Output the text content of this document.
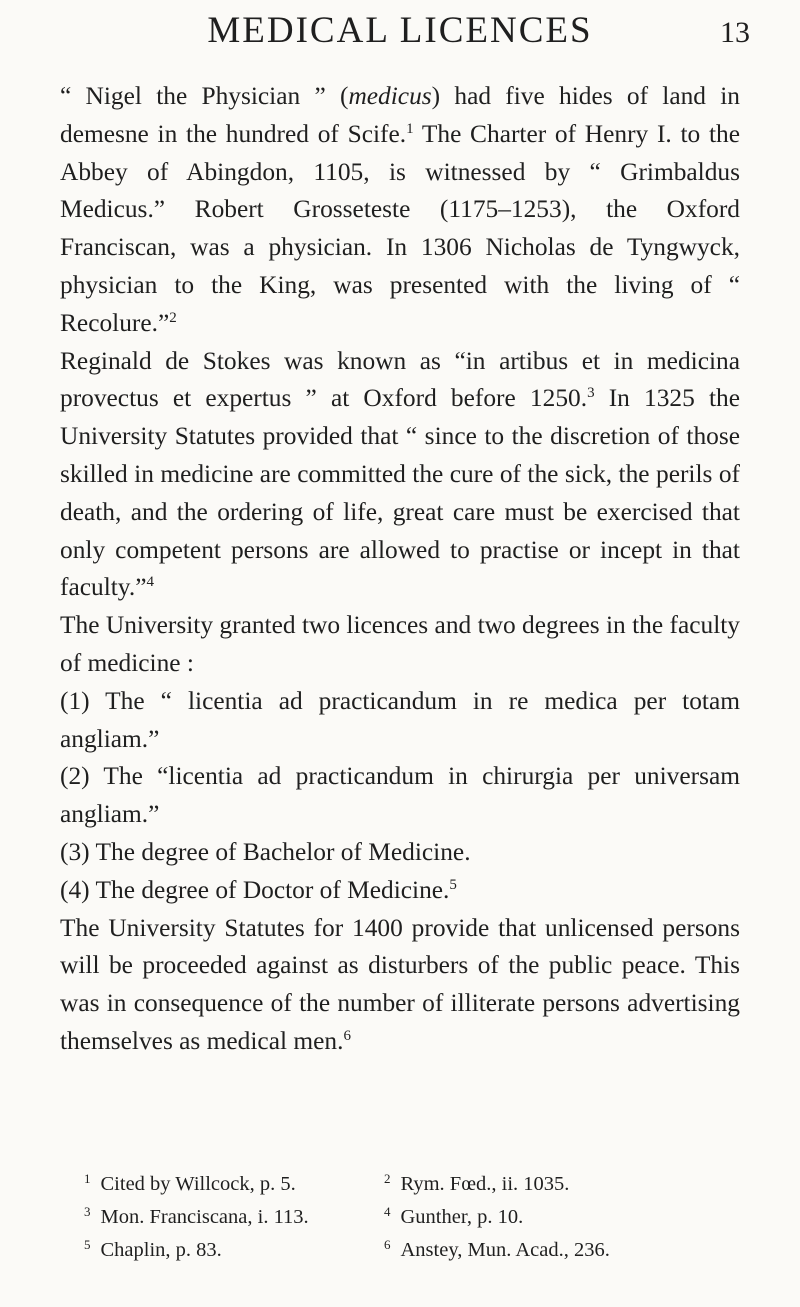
MEDICAL LICENCES	13

“ Nigel the Physician ” (medicus) had five hides of land in demesne in the hundred of Scife.$^1$ The Charter of Henry I. to the Abbey of Abingdon, 1105, is witnessed by “ Grimbaldus Medicus.” Robert Grosseteste (1175–1253), the Oxford Franciscan, was a physician. In 1306 Nicholas de Tyngwyck, physician to the King, was presented with the living of “ Recolure.”$^2$

Reginald de Stokes was known as “in artibus et in medicina provectus et expertus ” at Oxford before 1250.$^3$ In 1325 the University Statutes provided that “ since to the discretion of those skilled in medicine are committed the cure of the sick, the perils of death, and the ordering of life, great care must be exercised that only competent persons are allowed to practise or incept in that faculty.”$^4$

The University granted two licences and two degrees in the faculty of medicine :

(1) The “ licentia ad practicandum in re medica per totam angliam.”

(2) The “licentia ad practicandum in chirurgia per universam angliam.”

(3) The degree of Bachelor of Medicine.

(4) The degree of Doctor of Medicine.$^5$

The University Statutes for 1400 provide that unlicensed persons will be proceeded against as disturbers of the public peace. This was in consequence of the number of illiterate persons advertising themselves as medical men.$^6$

$^1$ Cited by Willcock, p. 5.	$^2$ Rym. Fœd., ii. 1035.
$^3$ Mon. Franciscana, i. 113.	$^4$ Gunther, p. 10.
$^5$ Chaplin, p. 83.	$^6$ Anstey, Mun. Acad., 236.
